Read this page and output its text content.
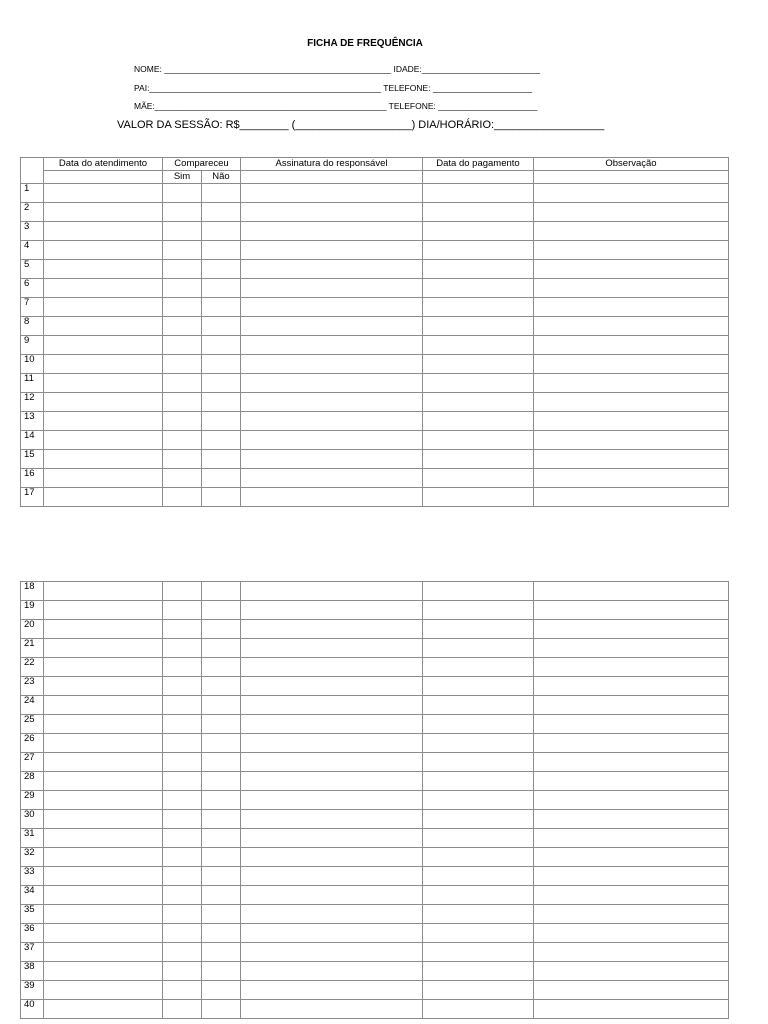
FICHA DE FREQUÊNCIA
NOME: ________________________________________________ IDADE:_________________________
PAI:_________________________________________________ TELEFONE: _____________________
MÃE:_________________________________________________ TELEFONE: _____________________
VALOR DA SESSÃO: R$________ (___________________) DIA/HORÁRIO:__________________
	Data do atendimento	Compareceu		Assinatura do responsável	Data do pagamento	Observação
		Sim	Não			
1						
2						
3						
4						
5						
6						
7						
8						
9						
10						
11						
12						
13						
14						
15						
16						
17						
18						
19						
20						
21						
22						
23						
24						
25						
26						
27						
28						
29						
30						
31						
32						
33						
34						
35						
36						
37						
38						
39						
40						
